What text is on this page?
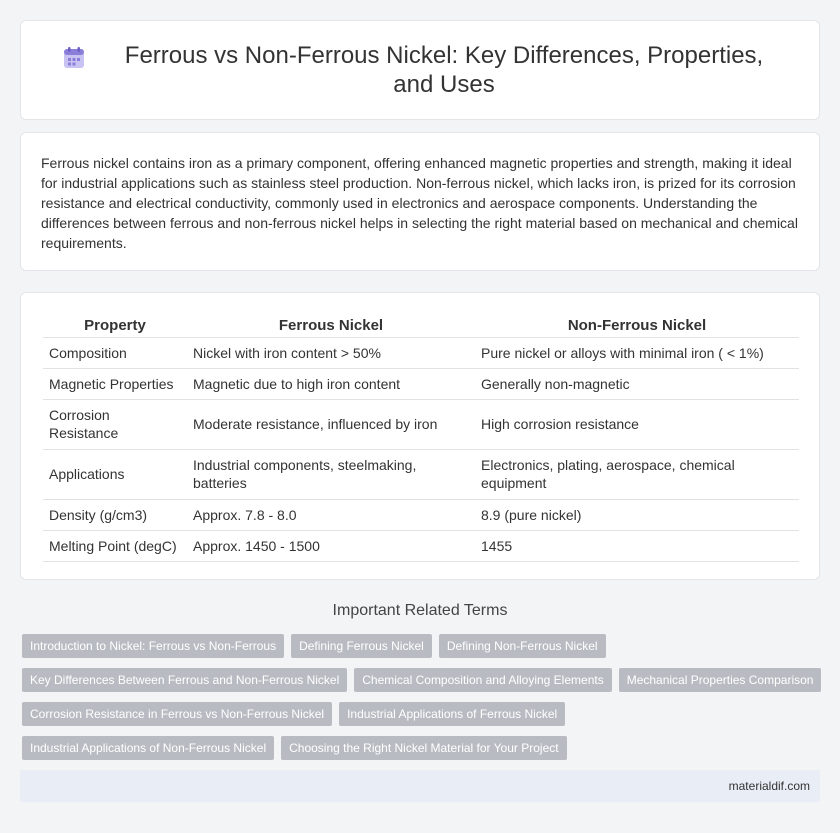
Ferrous vs Non-Ferrous Nickel: Key Differences, Properties, and Uses

Ferrous nickel contains iron as a primary component, offering enhanced magnetic properties and strength, making it ideal for industrial applications such as stainless steel production. Non-ferrous nickel, which lacks iron, is prized for its corrosion resistance and electrical conductivity, commonly used in electronics and aerospace components. Understanding the differences between ferrous and non-ferrous nickel helps in selecting the right material based on mechanical and chemical requirements.

Property	Ferrous Nickel	Non-Ferrous Nickel
Composition	Nickel with iron content > 50%	Pure nickel or alloys with minimal iron ( < 1%)
Magnetic Properties	Magnetic due to high iron content	Generally non-magnetic
Corrosion Resistance	Moderate resistance, influenced by iron	High corrosion resistance
Applications	Industrial components, steelmaking, batteries	Electronics, plating, aerospace, chemical equipment
Density (g/cm3)	Approx. 7.8 - 8.0	8.9 (pure nickel)
Melting Point (degC)	Approx. 1450 - 1500	1455
Important Related Terms
Introduction to Nickel: Ferrous vs Non-Ferrous	Defining Ferrous Nickel	Defining Non-Ferrous Nickel
Key Differences Between Ferrous and Non-Ferrous Nickel	Chemical Composition and Alloying Elements	Mechanical Properties Comparison
Corrosion Resistance in Ferrous vs Non-Ferrous Nickel	Industrial Applications of Ferrous Nickel
Industrial Applications of Non-Ferrous Nickel	Choosing the Right Nickel Material for Your Project
materialdif.com
